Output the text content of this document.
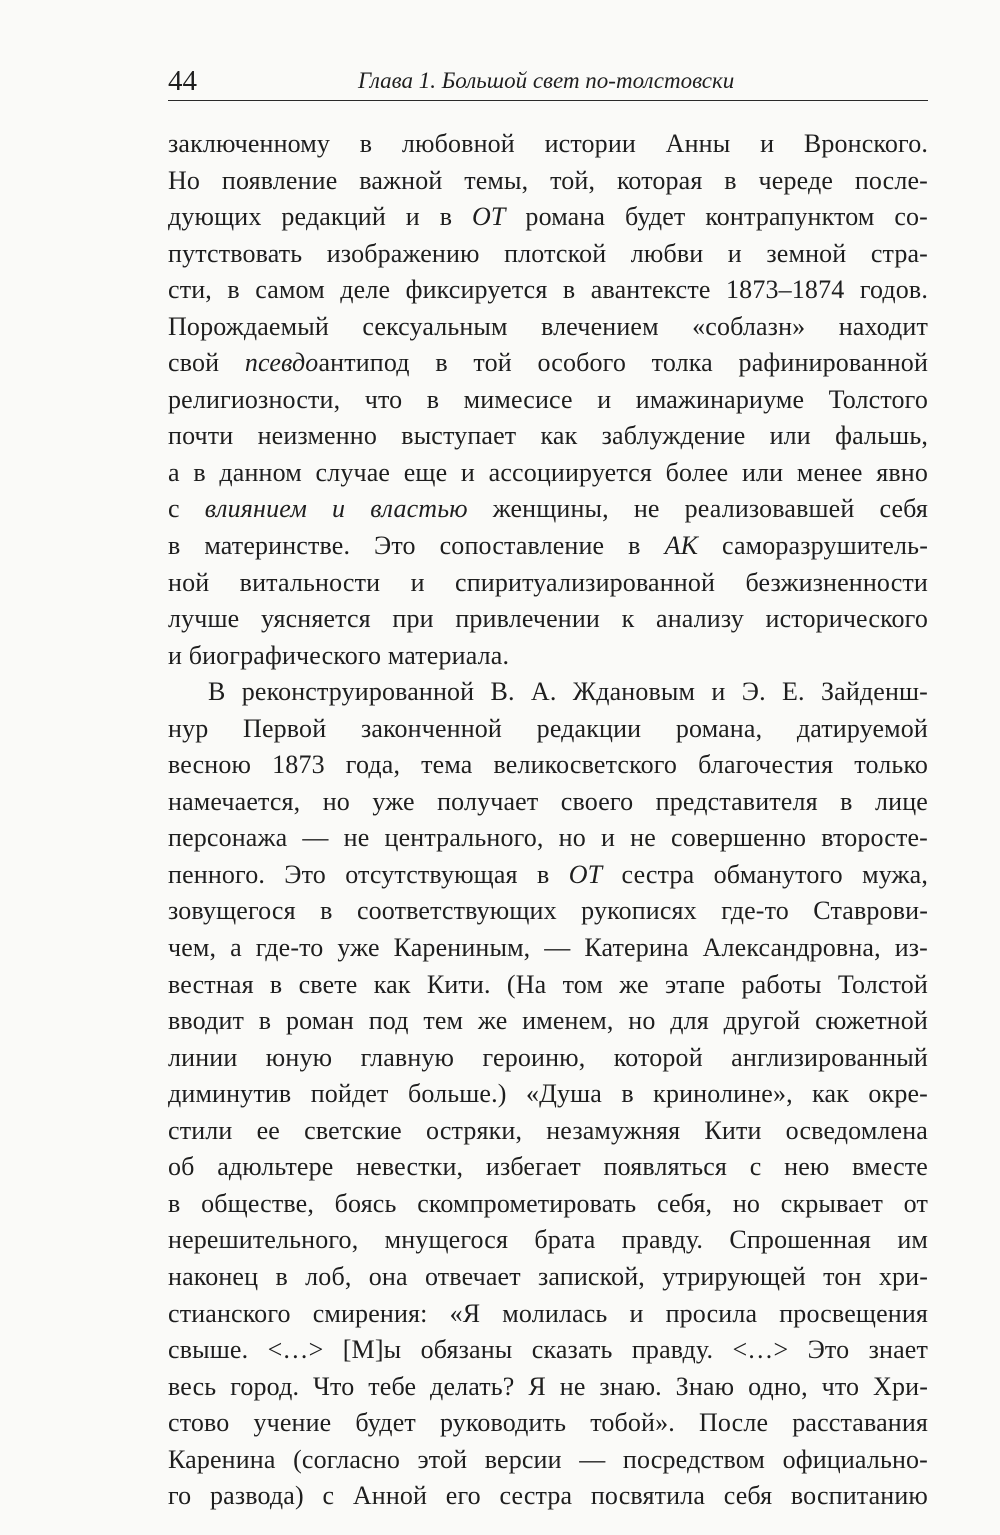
44	Глава 1. Большой свет по-толстовски
заключенному в любовной истории Анны и Вронского.
Но появление важной темы, той, которая в череде после-
дующих редакций и в ОТ романа будет контрапунктом со-
путствовать изображению плотской любви и земной стра-
сти, в самом деле фиксируется в авантексте 1873–1874 годов.
Порождаемый сексуальным влечением «соблазн» находит
свой псевдоантипод в той особого толка рафинированной
религиозности, что в мимесисе и имажинариуме Толстого
почти неизменно выступает как заблуждение или фальшь,
а в данном случае еще и ассоциируется более или менее явно
с влиянием и властью женщины, не реализовавшей себя
в материнстве. Это сопоставление в АК саморазрушитель-
ной витальности и спиритуализированной безжизненности
лучше уясняется при привлечении к анализу исторического
и биографического материала.
В реконструированной В. А. Ждановым и Э. Е. Зайденш-
нур Первой законченной редакции романа, датируемой
весною 1873 года, тема великосветского благочестия только
намечается, но уже получает своего представителя в лице
персонажа — не центрального, но и не совершенно второсте-
пенного. Это отсутствующая в ОТ сестра обманутого мужа,
зовущегося в соответствующих рукописях где-то Ставрови-
чем, а где-то уже Карениным, — Катерина Александровна, из-
вестная в свете как Кити. (На том же этапе работы Толстой
вводит в роман под тем же именем, но для другой сюжетной
линии юную главную героиню, которой англизированный
диминутив пойдет больше.) «Душа в кринолине», как окре-
стили ее светские остряки, незамужняя Кити осведомлена
об адюльтере невестки, избегает появляться с нею вместе
в обществе, боясь скомпрометировать себя, но скрывает от
нерешительного, мнущегося брата правду. Спрошенная им
наконец в лоб, она отвечает запиской, утрирующей тон хри-
стианского смирения: «Я молилась и просила просвещения
свыше. <…> [М]ы обязаны сказать правду. <…> Это знает
весь город. Что тебе делать? Я не знаю. Знаю одно, что Хри-
стово учение будет руководить тобой». После расставания
Каренина (согласно этой версии — посредством официально-
го развода) с Анной его сестра посвятила себя воспитанию
